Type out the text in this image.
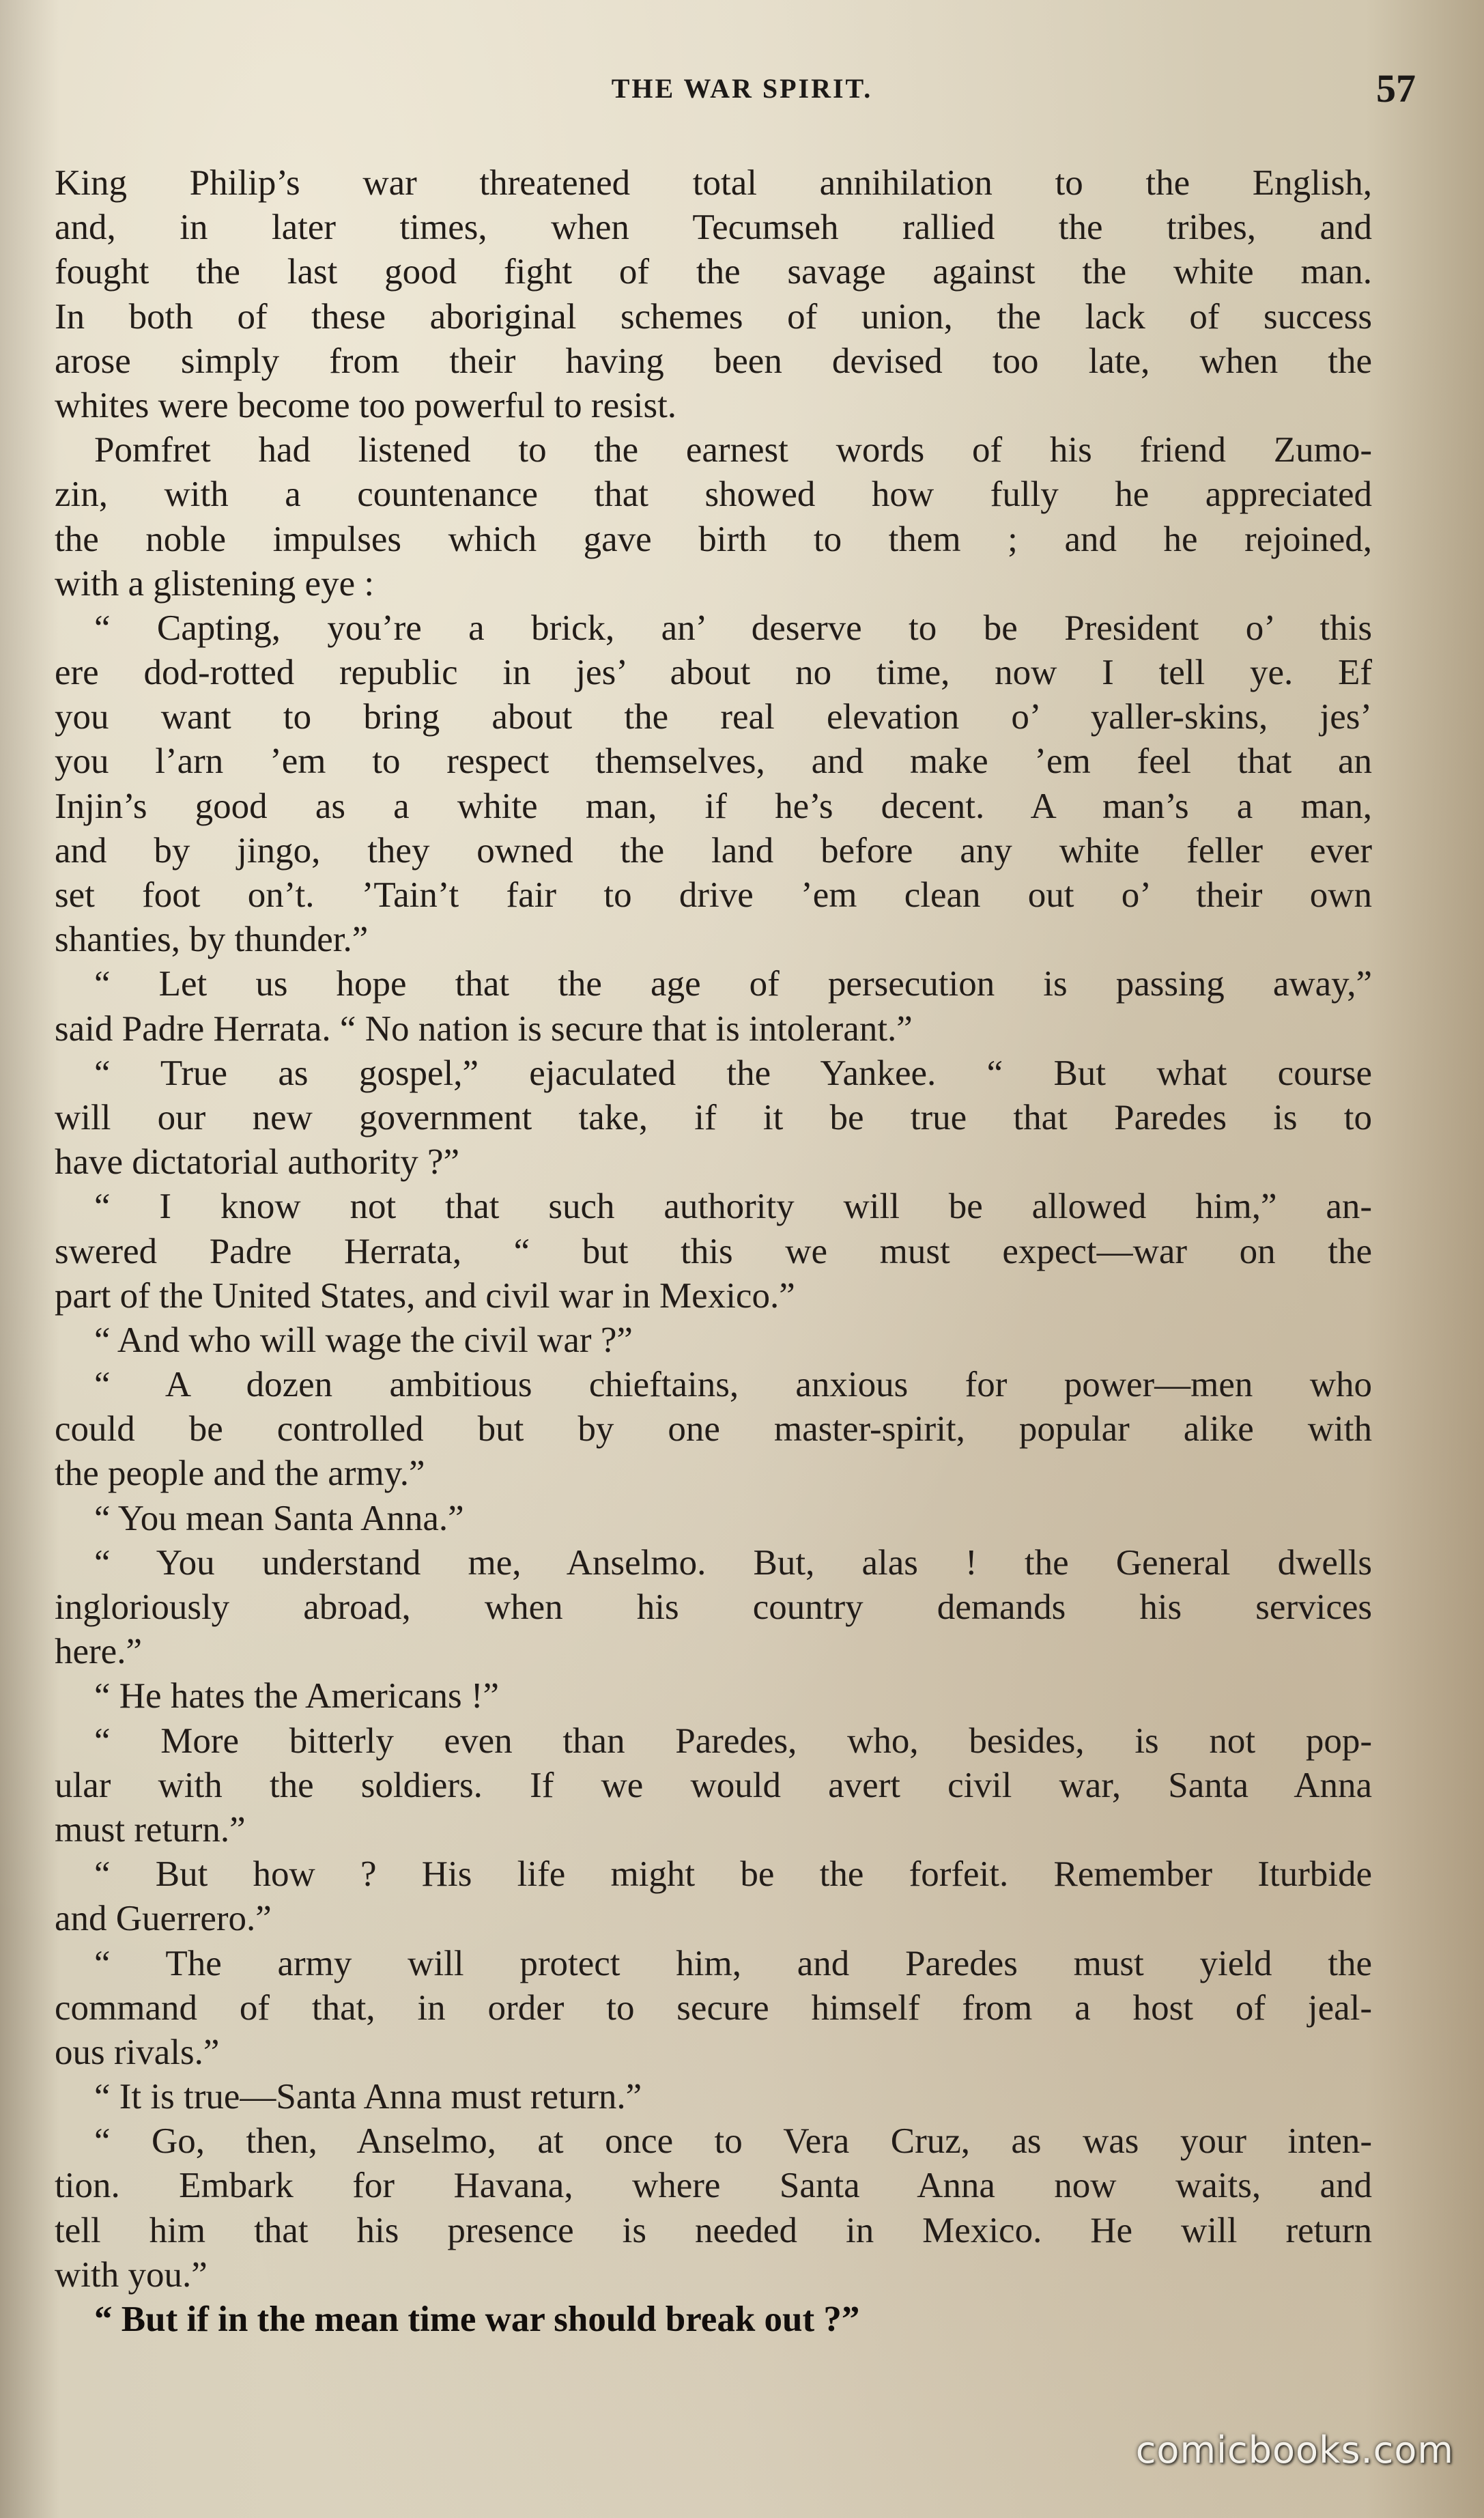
THE WAR SPIRIT.	57
King Philip’s war threatened total annihilation to the English,
and, in later times, when Tecumseh rallied the tribes, and
fought the last good fight of the savage against the white man.
In both of these aboriginal schemes of union, the lack of success
arose simply from their having been devised too late, when the
whites were become too powerful to resist.
Pomfret had listened to the earnest words of his friend Zumo-
zin, with a countenance that showed how fully he appreciated
the noble impulses which gave birth to them ; and he rejoined,
with a glistening eye :
“ Capting, you’re a brick, an’ deserve to be President o’ this
ere dod-rotted republic in jes’ about no time, now I tell ye. Ef
you want to bring about the real elevation o’ yaller-skins, jes’
you l’arn ’em to respect themselves, and make ’em feel that an
Injin’s good as a white man, if he’s decent. A man’s a man,
and by jingo, they owned the land before any white feller ever
set foot on’t. ’Tain’t fair to drive ’em clean out o’ their own
shanties, by thunder.”
“ Let us hope that the age of persecution is passing away,”
said Padre Herrata. “ No nation is secure that is intolerant.”
“ True as gospel,” ejaculated the Yankee. “ But what course
will our new government take, if it be true that Paredes is to
have dictatorial authority ?”
“ I know not that such authority will be allowed him,” an-
swered Padre Herrata, “ but this we must expect—war on the
part of the United States, and civil war in Mexico.”
“ And who will wage the civil war ?”
“ A dozen ambitious chieftains, anxious for power—men who
could be controlled but by one master-spirit, popular alike with
the people and the army.”
“ You mean Santa Anna.”
“ You understand me, Anselmo. But, alas ! the General dwells
ingloriously abroad, when his country demands his services
here.”
“ He hates the Americans !”
“ More bitterly even than Paredes, who, besides, is not pop-
ular with the soldiers. If we would avert civil war, Santa Anna
must return.”
“ But how ? His life might be the forfeit. Remember Iturbide
and Guerrero.”
“ The army will protect him, and Paredes must yield the
command of that, in order to secure himself from a host of jeal-
ous rivals.”
“ It is true—Santa Anna must return.”
“ Go, then, Anselmo, at once to Vera Cruz, as was your inten-
tion. Embark for Havana, where Santa Anna now waits, and
tell him that his presence is needed in Mexico. He will return
with you.”
“ But if in the mean time war should break out ?”
comicbooks.com
